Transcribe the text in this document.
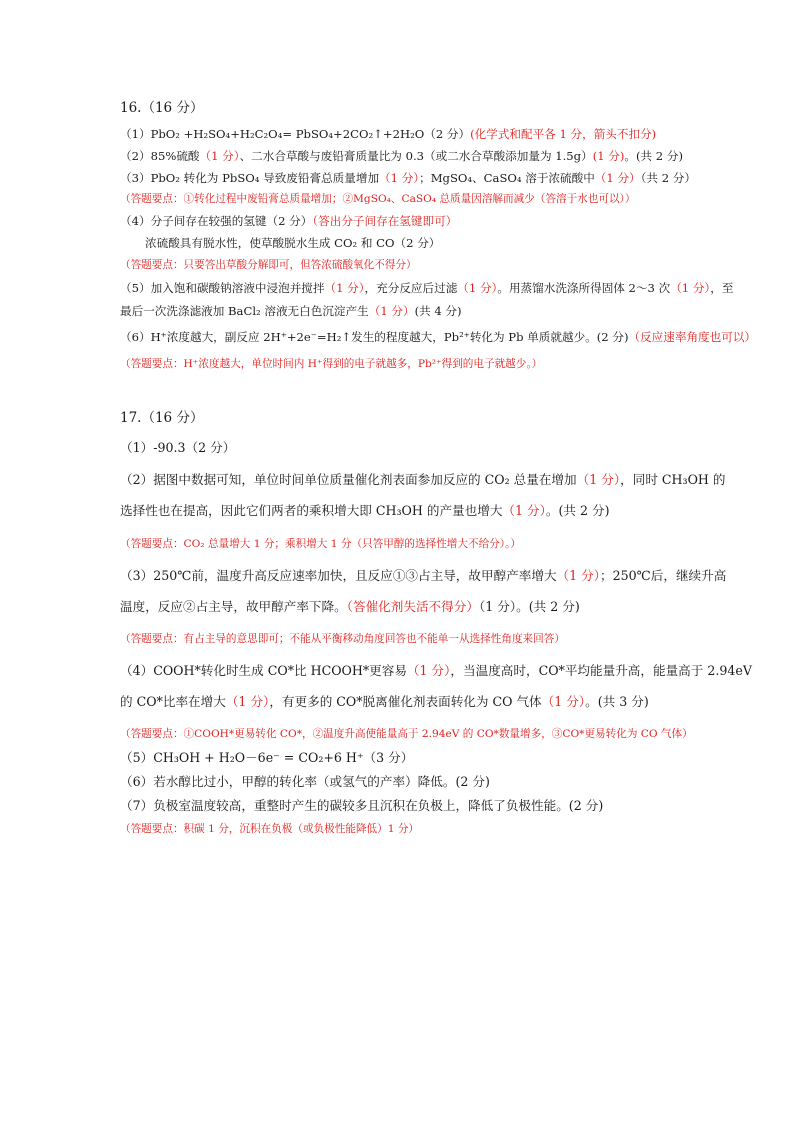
16.（16 分）
（1）PbO₂ +H₂SO₄+H₂C₂O₄= PbSO₄+2CO₂↑+2H₂O（2 分）(化学式和配平各 1 分，箭头不扣分)
（2）85%硫酸（1 分）、二水合草酸与废铅膏质量比为 0.3（或二水合草酸添加量为 1.5g）(1 分)。(共 2 分)
（3）PbO₂ 转化为 PbSO₄ 导致废铅膏总质量增加（1 分）；MgSO₄、CaSO₄ 溶于浓硫酸中（1 分）（共 2 分）
（答题要点：①转化过程中废铅膏总质量增加；②MgSO₄、CaSO₄ 总质量因溶解而减少（答溶于水也可以））
（4）分子间存在较强的氢键（2 分）（答出分子间存在氢键即可）
浓硫酸具有脱水性，使草酸脱水生成 CO₂ 和 CO（2 分）
（答题要点：只要答出草酸分解即可，但答浓硫酸氧化不得分）
（5）加入饱和碳酸钠溶液中浸泡并搅拌（1 分），充分反应后过滤（1 分）。用蒸馏水洗涤所得固体 2～3 次（1 分），至
最后一次洗涤滤液加 BaCl₂ 溶液无白色沉淀产生（1 分）(共 4 分)
（6）H⁺浓度越大，副反应 2H⁺+2e⁻=H₂↑发生的程度越大，Pb²⁺转化为 Pb 单质就越少。(2 分)（反应速率角度也可以）
（答题要点：H⁺浓度越大，单位时间内 H⁺得到的电子就越多，Pb²⁺得到的电子就越少。）
17.（16 分）
（1）-90.3（2 分）
（2）据图中数据可知，单位时间单位质量催化剂表面参加反应的 CO₂ 总量在增加（1 分），同时 CH₃OH 的
选择性也在提高，因此它们两者的乘积增大即 CH₃OH 的产量也增大（1 分）。(共 2 分)
（答题要点：CO₂ 总量增大 1 分；乘积增大 1 分（只答甲醇的选择性增大不给分）。）
（3）250℃前，温度升高反应速率加快，且反应①③占主导，故甲醇产率增大（1 分）；250℃后，继续升高
温度，反应②占主导，故甲醇产率下降。（答催化剂失活不得分）（1 分）。(共 2 分)
（答题要点：有占主导的意思即可；不能从平衡移动角度回答也不能单一从选择性角度来回答）
（4）COOH*转化时生成 CO*比 HCOOH*更容易（1 分），当温度高时，CO*平均能量升高，能量高于 2.94eV
的 CO*比率在增大（1 分），有更多的 CO*脱离催化剂表面转化为 CO 气体（1 分）。(共 3 分)
（答题要点：①COOH*更易转化 CO*，②温度升高使能量高于 2.94eV 的 CO*数量增多，③CO*更易转化为 CO 气体）
（5）CH₃OH + H₂O－6e⁻ = CO₂+6 H⁺（3 分）
（6）若水醇比过小，甲醇的转化率（或氢气的产率）降低。(2 分)
（7）负极室温度较高，重整时产生的碳较多且沉积在负极上，降低了负极性能。(2 分)
（答题要点：积碳 1 分，沉积在负极（或负极性能降低）1 分）
